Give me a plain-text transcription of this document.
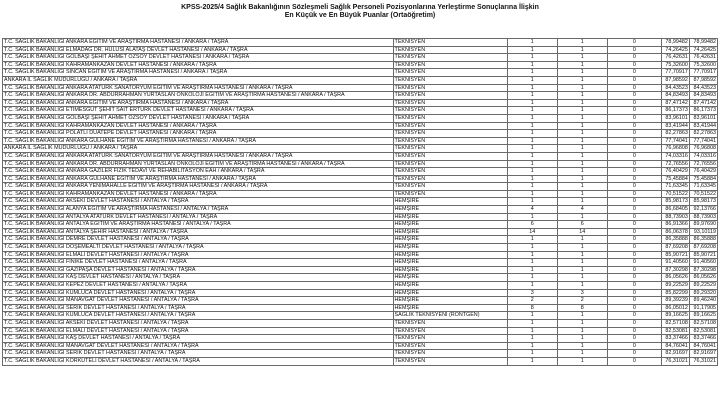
KPSS-2025/4 Sağlık Bakanlığının Sözleşmeli Sağlık Personeli Pozisyonlarına Yerleştirme Sonuçlarına İlişkin
En Küçük ve En Büyük Puanlar (Ortaöğretim)
T.C. SAĞLIK BAKANLIĞI ANKARA EĞİTİM VE ARAŞTIRMA HASTANESİ / ANKARA / TAŞRA	TEKNİSYEN	1	1	0	78,99482	78,99482
T.C. SAĞLIK BAKANLIĞI ELMADAĞ DR. HULUSİ ALATAŞ DEVLET HASTANESİ / ANKARA / TAŞRA	TEKNİSYEN	1	1	0	74,26425	74,26425
T.C. SAĞLIK BAKANLIĞI GÖLBAŞI ŞEHİT AHMET ÖZSOY DEVLET HASTANESİ / ANKARA / TAŞRA	TEKNİSYEN	1	1	0	76,42631	76,42631
T.C. SAĞLIK BAKANLIĞI KAHRAMANKAZAN DEVLET HASTANESİ / ANKARA / TAŞRA	TEKNİSYEN	1	1	0	75,32600	75,32600
T.C. SAĞLIK BAKANLIĞI SİNCAN EĞİTİM VE ARAŞTIRMA HASTANESİ / ANKARA / TAŞRA	TEKNİSYEN	1	1	0	77,70917	77,70917
ANKARA İL SAĞLIK MÜDÜRLÜĞÜ / ANKARA / TAŞRA	TEKNİSYEN	1	1	0	87,98592	87,98592
T.C. SAĞLIK BAKANLIĞI ANKARA ATATÜRK SANATORYUM EĞİTİM VE ARAŞTIRMA HASTANESİ / ANKARA / TAŞRA	TEKNİSYEN	1	1	0	84,43523	84,43523
T.C. SAĞLIK BAKANLIĞI ANKARA DR. ABDURRAHMAN YURTASLAN ONKOLOJİ EĞİTİM VE ARAŞTIRMA HASTANESİ / ANKARA / TAŞRA	TEKNİSYEN	1	1	0	84,83493	84,83493
T.C. SAĞLIK BAKANLIĞI ANKARA EĞİTİM VE ARAŞTIRMA HASTANESİ / ANKARA / TAŞRA	TEKNİSYEN	1	1	0	87,47142	87,47142
T.C. SAĞLIK BAKANLIĞI ETİMESGUT ŞEHİT SAİT ERTÜRK DEVLET HASTANESİ / ANKARA / TAŞRA	TEKNİSYEN	1	1	0	86,17373	86,17373
T.C. SAĞLIK BAKANLIĞI GÖLBAŞI ŞEHİT AHMET ÖZSOY DEVLET HASTANESİ / ANKARA / TAŞRA	TEKNİSYEN	1	1	0	83,96101	83,96101
T.C. SAĞLIK BAKANLIĞI KAHRAMANKAZAN DEVLET HASTANESİ / ANKARA / TAŞRA	TEKNİSYEN	1	1	0	83,41944	83,41944
T.C. SAĞLIK BAKANLIĞI POLATLI DUATEPE DEVLET HASTANESİ / ANKARA / TAŞRA	TEKNİSYEN	1	1	0	82,27863	82,27863
T.C. SAĞLIK BAKANLIĞI ANKARA GÜLHANE EĞİTİM VE ARAŞTIRMA HASTANESİ / ANKARA / TAŞRA	TEKNİSYEN	1	1	0	77,74041	77,74041
ANKARA İL SAĞLIK MÜDÜRLÜĞÜ / ANKARA / TAŞRA	TEKNİSYEN	1	1	0	76,96808	76,96808
T.C. SAĞLIK BAKANLIĞI ANKARA ATATÜRK SANATORYUM EĞİTİM VE ARAŞTIRMA HASTANESİ / ANKARA / TAŞRA	TEKNİSYEN	1	1	0	74,03316	74,03316
T.C. SAĞLIK BAKANLIĞI ANKARA DR. ABDURRAHMAN YURTASLAN ONKOLOJİ EĞİTİM VE ARAŞTIRMA HASTANESİ / ANKARA / TAŞRA	TEKNİSYEN	1	1	0	72,76556	72,76556
T.C. SAĞLIK BAKANLIĞI ANKARA GAZİLER FİZİK TEDAVİ VE REHABİLİTASYON EAH / ANKARA / TAŞRA	TEKNİSYEN	1	1	0	76,40429	76,40429
T.C. SAĞLIK BAKANLIĞI ANKARA GÜLHANE EĞİTİM VE ARAŞTIRMA HASTANESİ / ANKARA / TAŞRA	TEKNİSYEN	1	1	0	75,45884	75,45884
T.C. SAĞLIK BAKANLIĞI ANKARA YENİMAHALLE EĞİTİM VE ARAŞTIRMA HASTANESİ / ANKARA / TAŞRA	TEKNİSYEN	1	1	0	71,63345	71,63345
T.C. SAĞLIK BAKANLIĞI KAHRAMANKAZAN DEVLET HASTANESİ / ANKARA / TAŞRA	TEKNİSYEN	1	1	0	70,51522	70,51522
T.C. SAĞLIK BAKANLIĞI AKSEKİ DEVLET HASTANESİ / ANTALYA / TAŞRA	HEMŞİRE	1	1	0	85,98173	85,98173
T.C. SAĞLIK BAKANLIĞI ALANYA EĞİTİM VE ARAŞTIRMA HASTANESİ / ANTALYA / TAŞRA	HEMŞİRE	4	4	0	86,68405	92,13766
T.C. SAĞLIK BAKANLIĞI ANTALYA ATATÜRK DEVLET HASTANESİ / ANTALYA / TAŞRA	HEMŞİRE	1	1	0	88,73903	88,73903
T.C. SAĞLIK BAKANLIĞI ANTALYA EĞİTİM VE ARAŞTIRMA HASTANESİ / ANTALYA / TAŞRA	HEMŞİRE	6	6	0	86,91366	89,97690
T.C. SAĞLIK BAKANLIĞI ANTALYA ŞEHİR HASTANESİ / ANTALYA / TAŞRA	HEMŞİRE	14	14	0	86,06378	93,10119
T.C. SAĞLIK BAKANLIĞI DEMRE DEVLET HASTANESİ / ANTALYA / TAŞRA	HEMŞİRE	1	1	0	86,35888	86,35888
T.C. SAĞLIK BAKANLIĞI DÖŞEMEALTI DEVLET HASTANESİ / ANTALYA / TAŞRA	HEMŞİRE	1	1	0	87,69208	87,69208
T.C. SAĞLIK BAKANLIĞI ELMALI DEVLET HASTANESİ / ANTALYA / TAŞRA	HEMŞİRE	1	1	0	85,90721	85,90721
T.C. SAĞLIK BAKANLIĞI FİNİKE DEVLET HASTANESİ / ANTALYA / TAŞRA	HEMŞİRE	1	1	0	91,40560	91,40560
T.C. SAĞLIK BAKANLIĞI GAZİPAŞA DEVLET HASTANESİ / ANTALYA / TAŞRA	HEMŞİRE	1	1	0	87,30298	87,30298
T.C. SAĞLIK BAKANLIĞI KAŞ DEVLET HASTANESİ / ANTALYA / TAŞRA	HEMŞİRE	1	1	0	86,05626	86,05626
T.C. SAĞLIK BAKANLIĞI KEPEZ DEVLET HASTANESİ / ANTALYA / TAŞRA	HEMŞİRE	1	1	0	89,22529	89,22529
T.C. SAĞLIK BAKANLIĞI KUMLUCA DEVLET HASTANESİ / ANTALYA / TAŞRA	HEMŞİRE	3	3	0	85,82299	89,29320
T.C. SAĞLIK BAKANLIĞI MANAVGAT DEVLET HASTANESİ / ANTALYA / TAŞRA	HEMŞİRE	2	2	0	89,39239	89,46240
T.C. SAĞLIK BAKANLIĞI SERİK DEVLET HASTANESİ / ANTALYA / TAŞRA	HEMŞİRE	8	8	0	86,05012	91,17905
T.C. SAĞLIK BAKANLIĞI KUMLUCA DEVLET HASTANESİ / ANTALYA / TAŞRA	SAĞLIK TEKNİSYENİ (RÖNTGEN)	1	1	0	89,16625	89,16625
T.C. SAĞLIK BAKANLIĞI AKSEKİ DEVLET HASTANESİ / ANTALYA / TAŞRA	TEKNİSYEN	1	1	0	82,57108	82,57108
T.C. SAĞLIK BAKANLIĞI ELMALI DEVLET HASTANESİ / ANTALYA / TAŞRA	TEKNİSYEN	1	1	0	82,53081	82,53081
T.C. SAĞLIK BAKANLIĞI KAŞ DEVLET HASTANESİ / ANTALYA / TAŞRA	TEKNİSYEN	1	1	0	83,37466	83,37466
T.C. SAĞLIK BAKANLIĞI MANAVGAT DEVLET HASTANESİ / ANTALYA / TAŞRA	TEKNİSYEN	1	1	0	84,76041	84,76041
T.C. SAĞLIK BAKANLIĞI SERİK DEVLET HASTANESİ / ANTALYA / TAŞRA	TEKNİSYEN	1	1	0	82,91697	82,91697
T.C. SAĞLIK BAKANLIĞI KORKUTELİ DEVLET HASTANESİ / ANTALYA / TAŞRA	TEKNİSYEN	1	1	0	76,31021	76,31021
